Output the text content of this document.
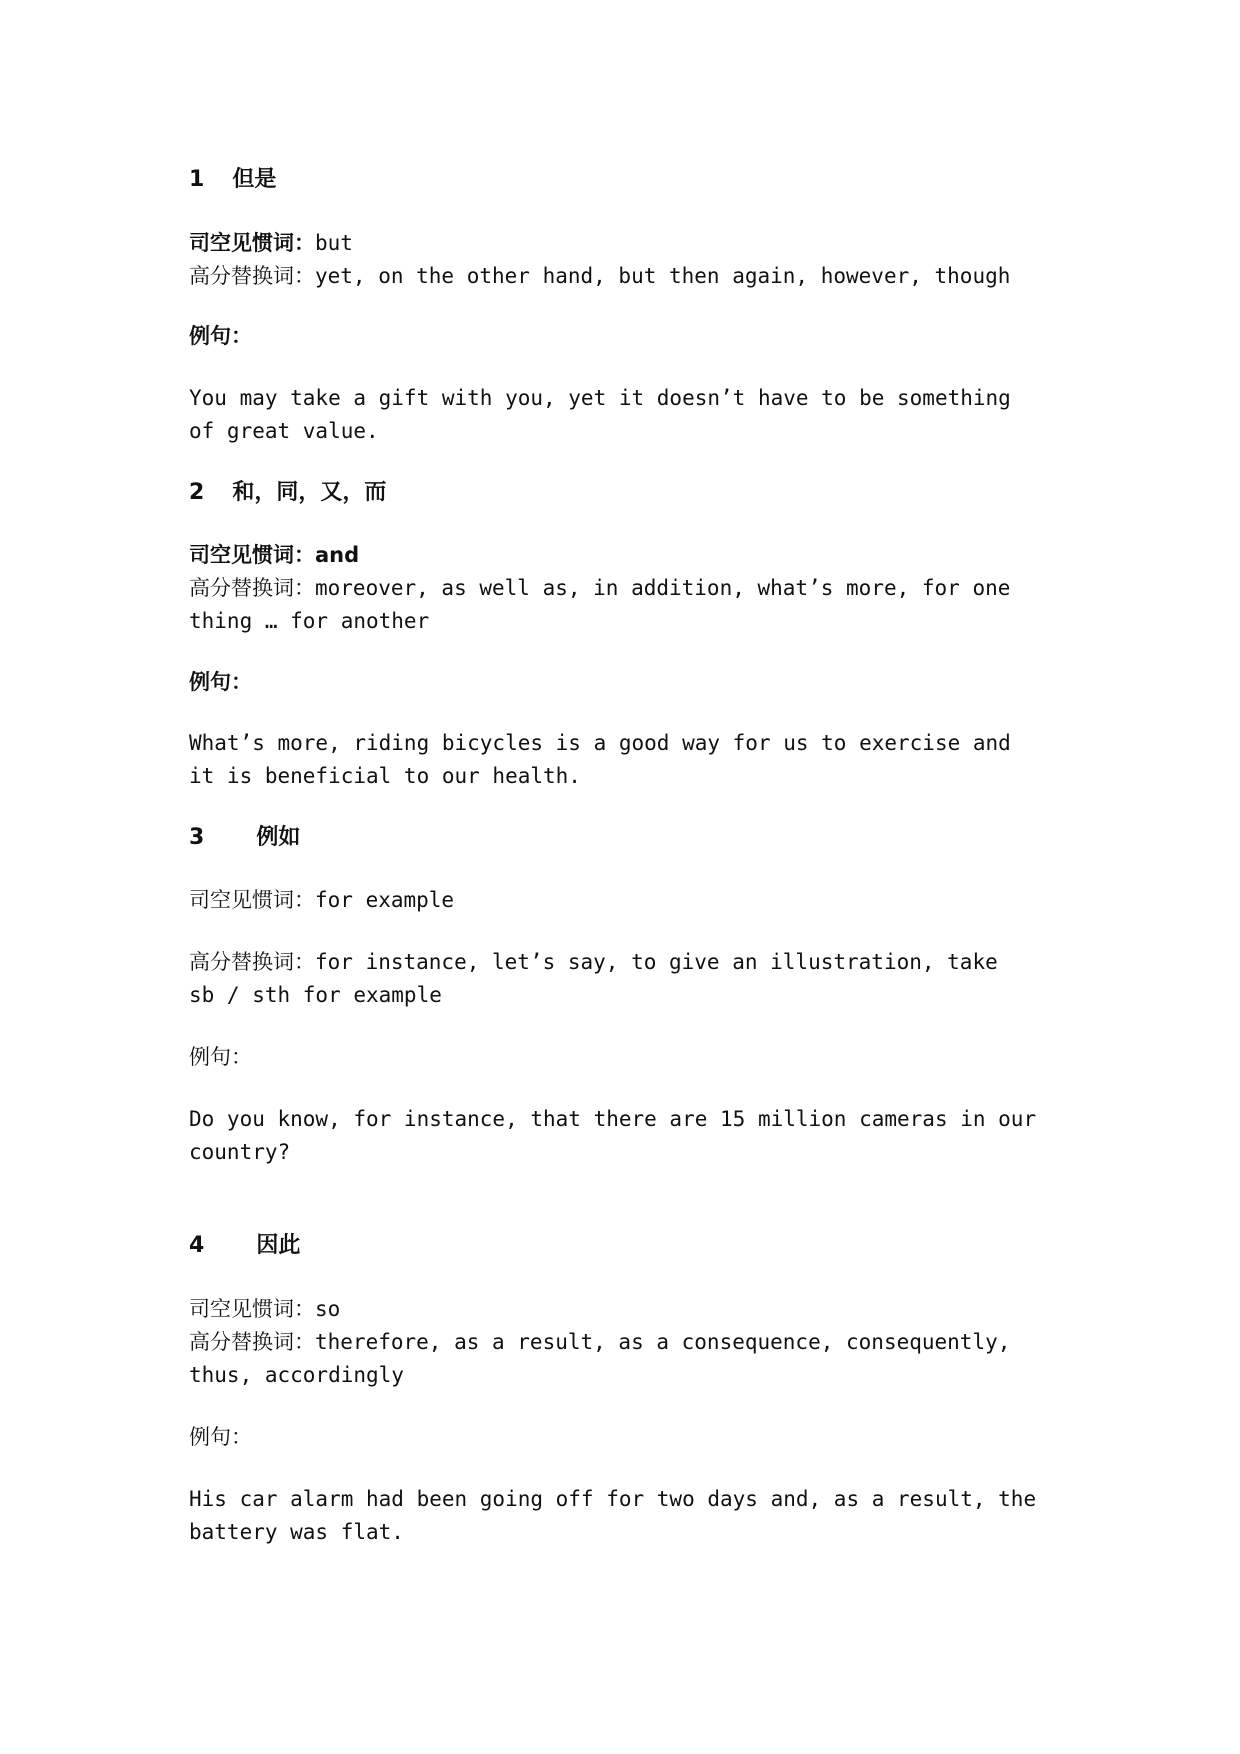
1 但是
司空见惯词：but
高分替换词：yet, on the other hand, but then again, however, though
例句：
You may take a gift with you, yet it doesn’t have to be something
of great value.
2 和，同，又，而
司空见惯词：and
高分替换词：moreover, as well as, in addition, what’s more, for one
thing … for another
例句：
What’s more, riding bicycles is a good way for us to exercise and
it is beneficial to our health.
3 例如
司空见惯词：for example
高分替换词：for instance, let’s say, to give an illustration, take
sb / sth for example
例句：
Do you know, for instance, that there are 15 million cameras in our
country?
4 因此
司空见惯词：so
高分替换词：therefore, as a result, as a consequence, consequently,
thus, accordingly
例句：
His car alarm had been going off for two days and, as a result, the
battery was flat.
